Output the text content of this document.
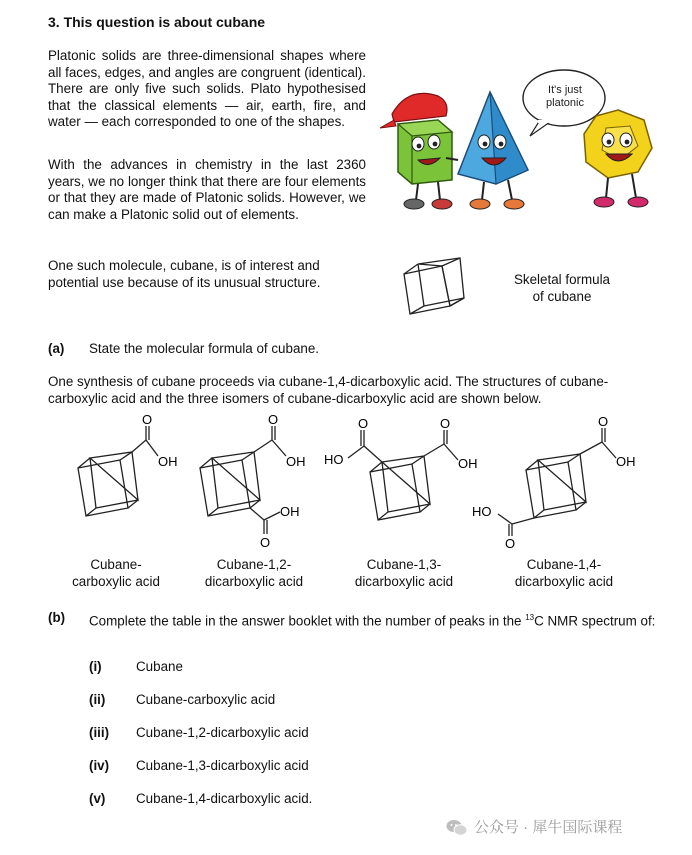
3. This question is about cubane
Platonic solids are three-dimensional shapes where all faces, edges, and angles are congruent (identical). There are only five such solids. Plato hypothesised that the classical elements — air, earth, fire, and water — each corresponded to one of the shapes.
With the advances in chemistry in the last 2360 years, we no longer think that there are four elements or that they are made of Platonic solids. However, we can make a Platonic solid out of elements.
One such molecule, cubane, is of interest and potential use because of its unusual structure.
It's just platonic
Skeletal formula of cubane
(a) State the molecular formula of cubane.
One synthesis of cubane proceeds via cubane-1,4-dicarboxylic acid. The structures of cubane-carboxylic acid and the three isomers of cubane-dicarboxylic acid are shown below.
O
OH
O
OH
OH
O
O
HO
O
OH
O
OH
HO
O
Cubane-
carboxylic acid
Cubane-1,2-
dicarboxylic acid
Cubane-1,3-
dicarboxylic acid
Cubane-1,4-
dicarboxylic acid
(b) Complete the table in the answer booklet with the number of peaks in the $^{13}$C NMR spectrum of:
(i)	Cubane
(ii) Cubane-carboxylic acid
(iii) Cubane-1,2-dicarboxylic acid
(iv) Cubane-1,3-dicarboxylic acid
(v) Cubane-1,4-dicarboxylic acid.
公众号 · 犀牛国际课程
